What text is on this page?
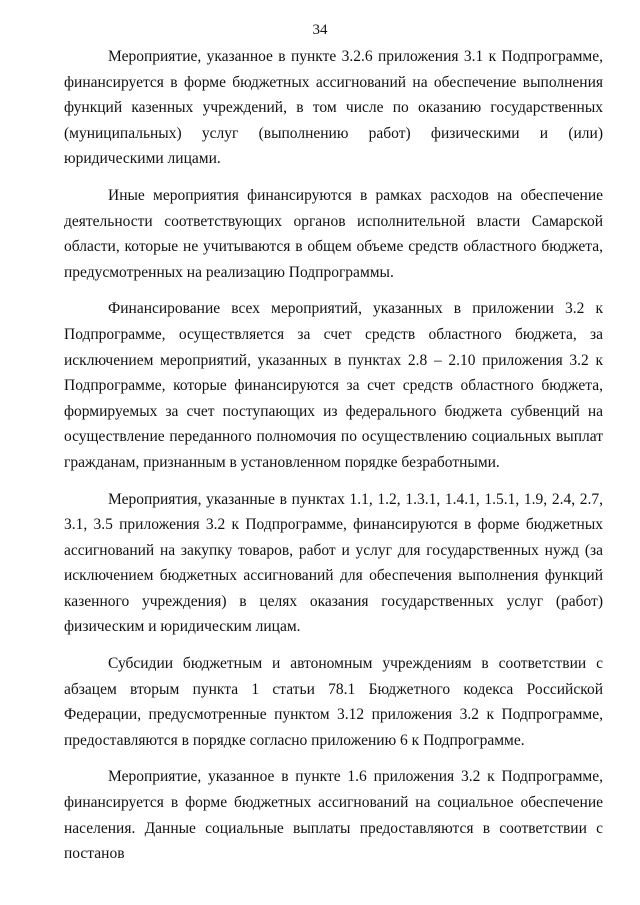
34

Мероприятие, указанное в пункте 3.2.6 приложения 3.1 к Подпрограмме, финансируется в форме бюджетных ассигнований на обеспечение выполнения функций казенных учреждений, в том числе по оказанию государственных (муниципальных) услуг (выполнению работ) физическими и (или) юридическими лицами.

Иные мероприятия финансируются в рамках расходов на обеспечение деятельности соответствующих органов исполнительной власти Самарской области, которые не учитываются в общем объеме средств областного бюджета, предусмотренных на реализацию Подпрограммы.

Финансирование всех мероприятий, указанных в приложении 3.2 к Подпрограмме, осуществляется за счет средств областного бюджета, за исключением мероприятий, указанных в пунктах 2.8 – 2.10 приложения 3.2 к Подпрограмме, которые финансируются за счет средств областного бюджета, формируемых за счет поступающих из федерального бюджета субвенций на осуществление переданного полномочия по осуществлению социальных выплат гражданам, признанным в установленном порядке безработными.

Мероприятия, указанные в пунктах 1.1, 1.2, 1.3.1, 1.4.1, 1.5.1, 1.9, 2.4, 2.7, 3.1, 3.5 приложения 3.2 к Подпрограмме, финансируются в форме бюджетных ассигнований на закупку товаров, работ и услуг для государственных нужд (за исключением бюджетных ассигнований для обеспечения выполнения функций казенного учреждения) в целях оказания государственных услуг (работ) физическим и юридическим лицам.

Субсидии бюджетным и автономным учреждениям в соответствии с абзацем вторым пункта 1 статьи 78.1 Бюджетного кодекса Российской Федерации, предусмотренные пунктом 3.12 приложения 3.2 к Подпрограмме, предоставляются в порядке согласно приложению 6 к Подпрограмме.

Мероприятие, указанное в пункте 1.6 приложения 3.2 к Подпрограмме, финансируется в форме бюджетных ассигнований на социальное обеспечение населения. Данные социальные выплаты предоставляются в соответствии с постанов
